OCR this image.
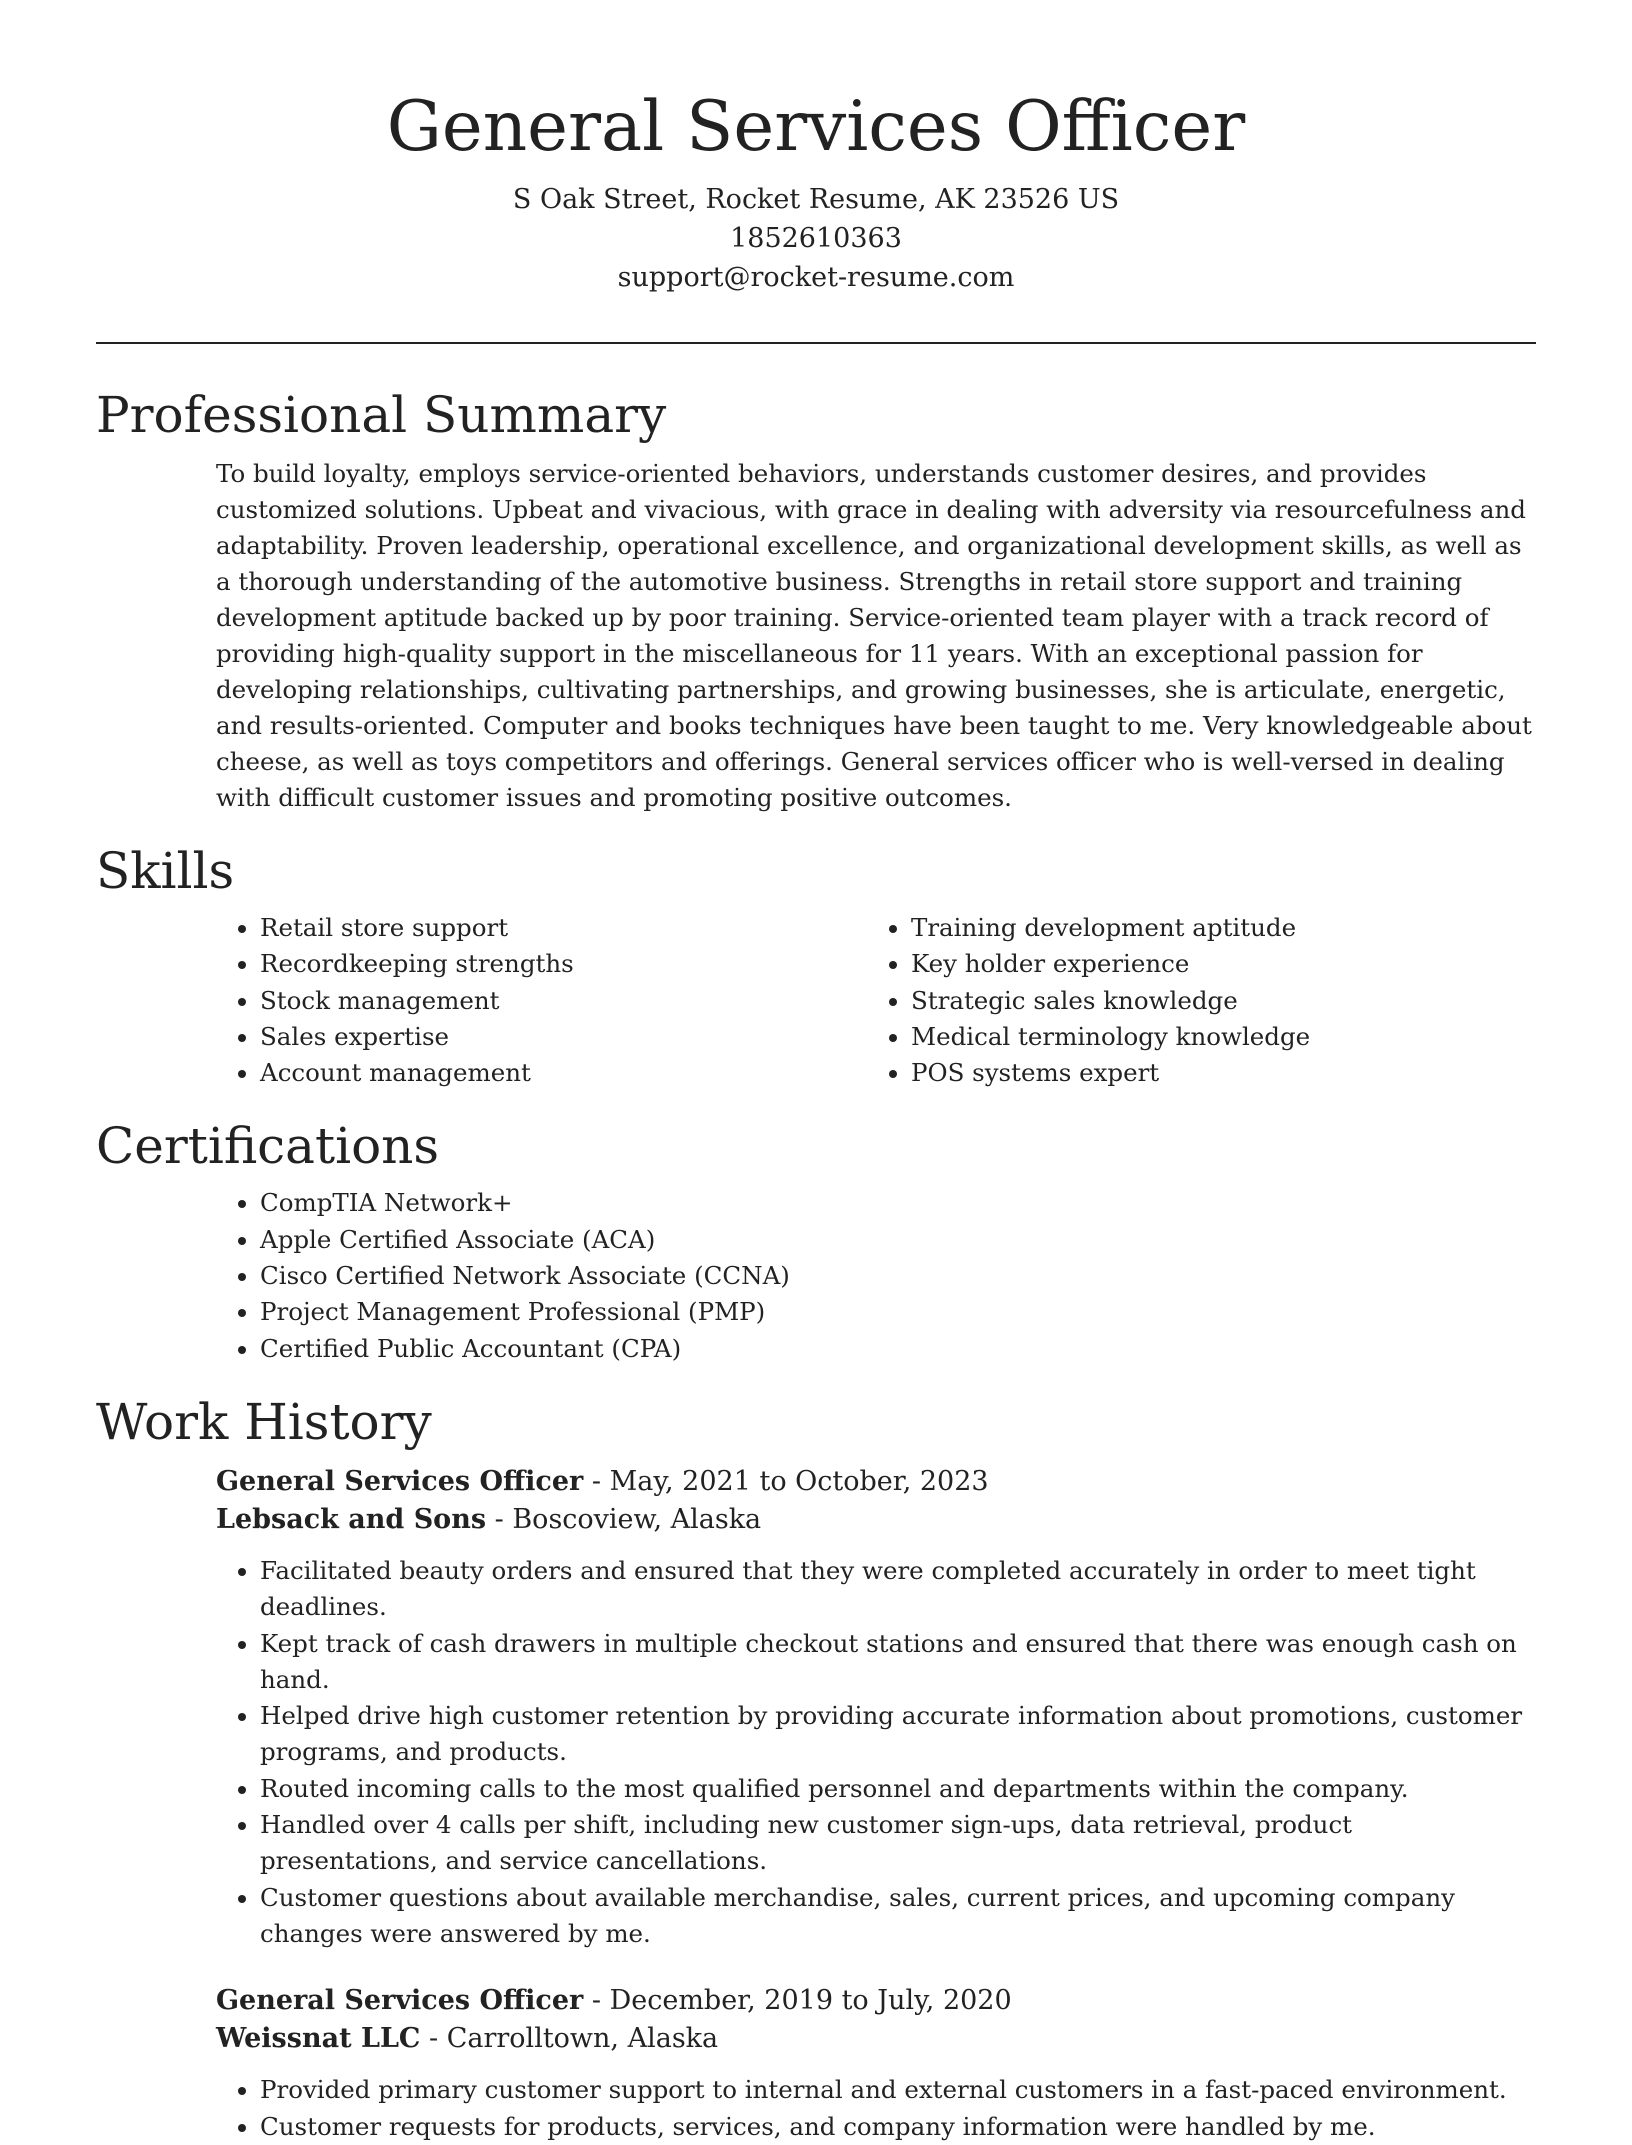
General Services Officer
S Oak Street, Rocket Resume, AK 23526 US
1852610363
support@rocket-resume.com
Professional Summary

To build loyalty, employs service-oriented behaviors, understands customer desires, and provides customized solutions. Upbeat and vivacious, with grace in dealing with adversity via resourcefulness and adaptability. Proven leadership, operational excellence, and organizational development skills, as well as a thorough understanding of the automotive business. Strengths in retail store support and training development aptitude backed up by poor training. Service-oriented team player with a track record of providing high-quality support in the miscellaneous for 11 years. With an exceptional passion for developing relationships, cultivating partnerships, and growing businesses, she is articulate, energetic, and results-oriented. Computer and books techniques have been taught to me. Very knowledgeable about cheese, as well as toys competitors and offerings. General services officer who is well-versed in dealing with difficult customer issues and promoting positive outcomes.

Skills
• Retail store support
• Recordkeeping strengths
• Stock management
• Sales expertise
• Account management
• Training development aptitude
• Key holder experience
• Strategic sales knowledge
• Medical terminology knowledge
• POS systems expert
Certifications
• CompTIA Network+
• Apple Certified Associate (ACA)
• Cisco Certified Network Associate (CCNA)
• Project Management Professional (PMP)
• Certified Public Accountant (CPA)
Work History
General Services Officer - May, 2021 to October, 2023
Lebsack and Sons - Boscoview, Alaska
• Facilitated beauty orders and ensured that they were completed accurately in order to meet tight deadlines.
• Kept track of cash drawers in multiple checkout stations and ensured that there was enough cash on hand.
• Helped drive high customer retention by providing accurate information about promotions, customer programs, and products.
• Routed incoming calls to the most qualified personnel and departments within the company.
• Handled over 4 calls per shift, including new customer sign-ups, data retrieval, product presentations, and service cancellations.
• Customer questions about available merchandise, sales, current prices, and upcoming company changes were answered by me.
General Services Officer - December, 2019 to July, 2020
Weissnat LLC - Carrolltown, Alaska
• Provided primary customer support to internal and external customers in a fast-paced environment.
• Customer requests for products, services, and company information were handled by me.
